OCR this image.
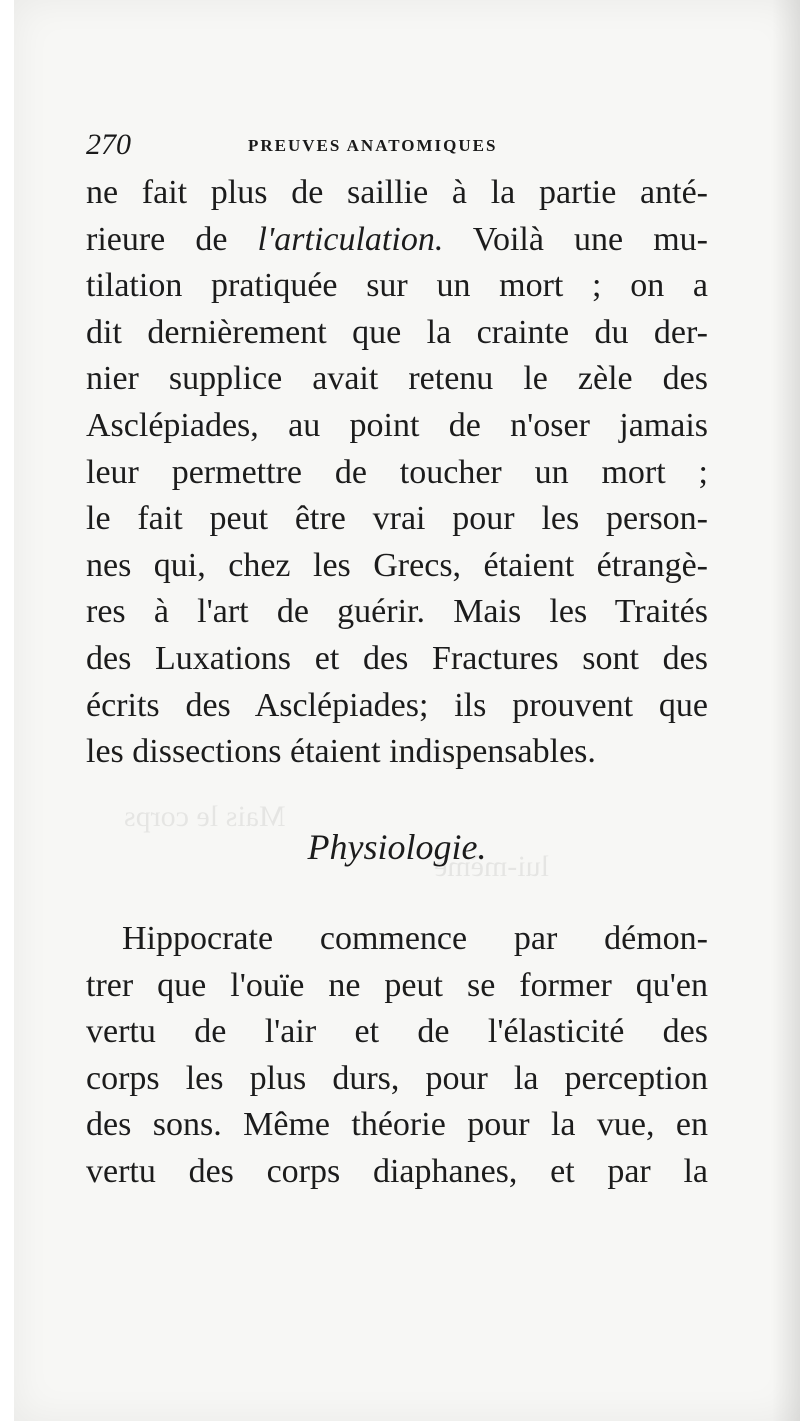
Mais le corps
lui-même
270	PREUVES ANATOMIQUES
ne fait plus de saillie à la partie anté-
rieure de l'articulation. Voilà une mu-
tilation pratiquée sur un mort ; on a
dit dernièrement que la crainte du der-
nier supplice avait retenu le zèle des
Asclépiades, au point de n'oser jamais
leur permettre de toucher un mort ;
le fait peut être vrai pour les person-
nes qui, chez les Grecs, étaient étrangè-
res à l'art de guérir. Mais les Traités
des Luxations et des Fractures sont des
écrits des Asclépiades; ils prouvent que
les dissections étaient indispensables.
Physiologie.
Hippocrate commence par démon-
trer que l'ouïe ne peut se former qu'en
vertu de l'air et de l'élasticité des
corps les plus durs, pour la perception
des sons. Même théorie pour la vue, en
vertu des corps diaphanes, et par la
